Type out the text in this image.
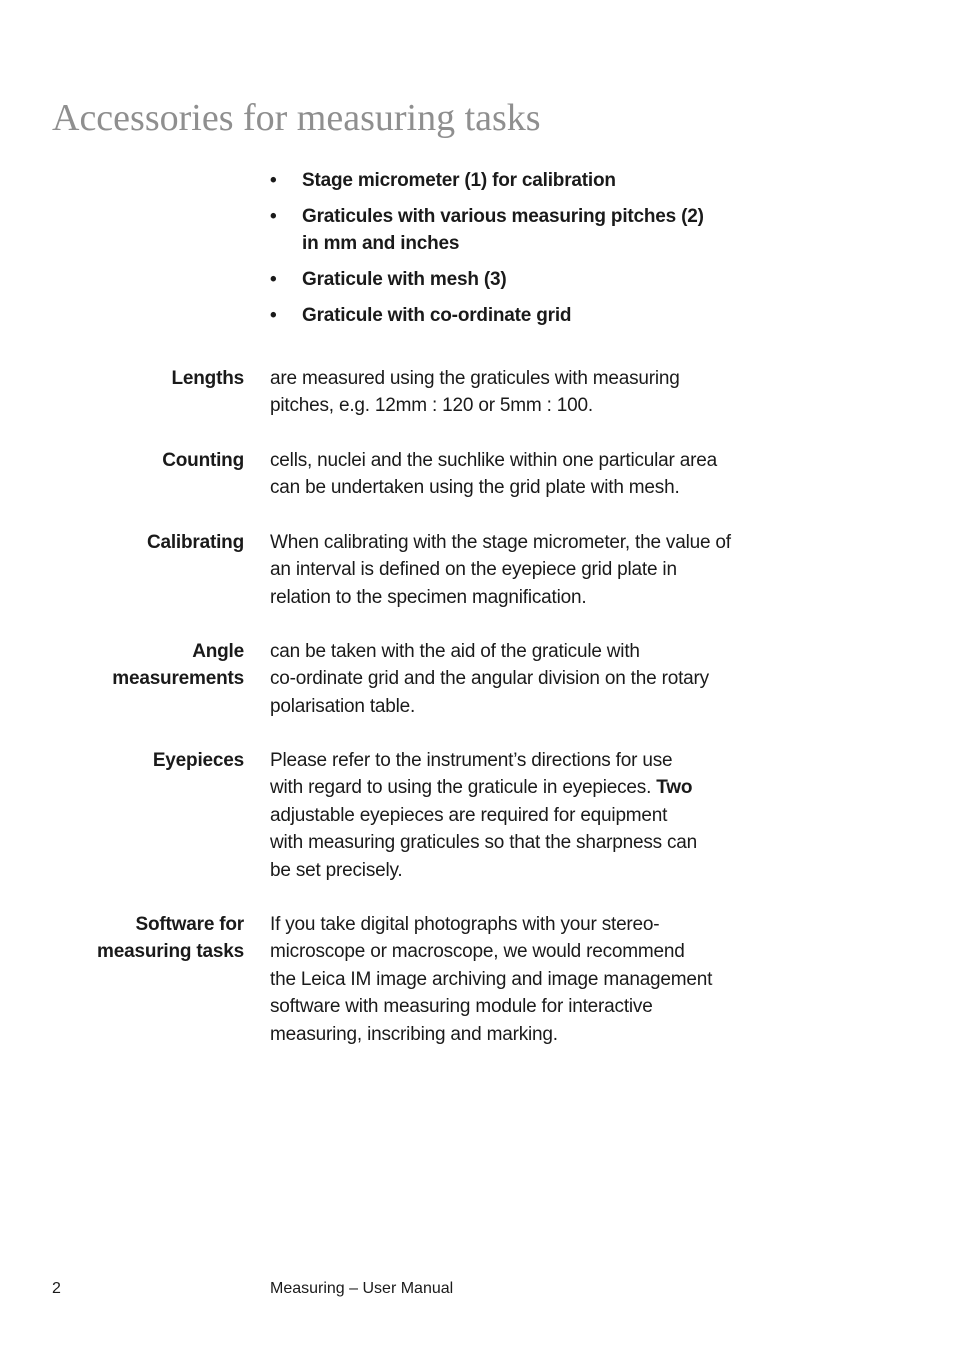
Accessories for measuring tasks
• Stage micrometer (1) for calibration
• Graticules with various measuring pitches (2)
in mm and inches
• Graticule with mesh (3)
• Graticule with co-ordinate grid
Lengths are measured using the graticules with measuring
pitches, e.g. 12mm : 120 or 5mm : 100.
Counting cells, nuclei and the suchlike within one particular area
can be undertaken using the grid plate with mesh.
Calibrating When calibrating with the stage micrometer, the value of
an interval is defined on the eyepiece grid plate in
relation to the specimen magnification.
Angle
measurements
can be taken with the aid of the graticule with
co-ordinate grid and the angular division on the rotary
polarisation table.
Eyepieces Please refer to the instrument’s directions for use
with regard to using the graticule in eyepieces. Two
adjustable eyepieces are required for equipment
with measuring graticules so that the sharpness can
be set precisely.
Software for
measuring tasks
If you take digital photographs with your stereo-
microscope or macroscope, we would recommend
the Leica IM image archiving and image management
software with measuring module for interactive
measuring, inscribing and marking.
2	Measuring – User Manual
